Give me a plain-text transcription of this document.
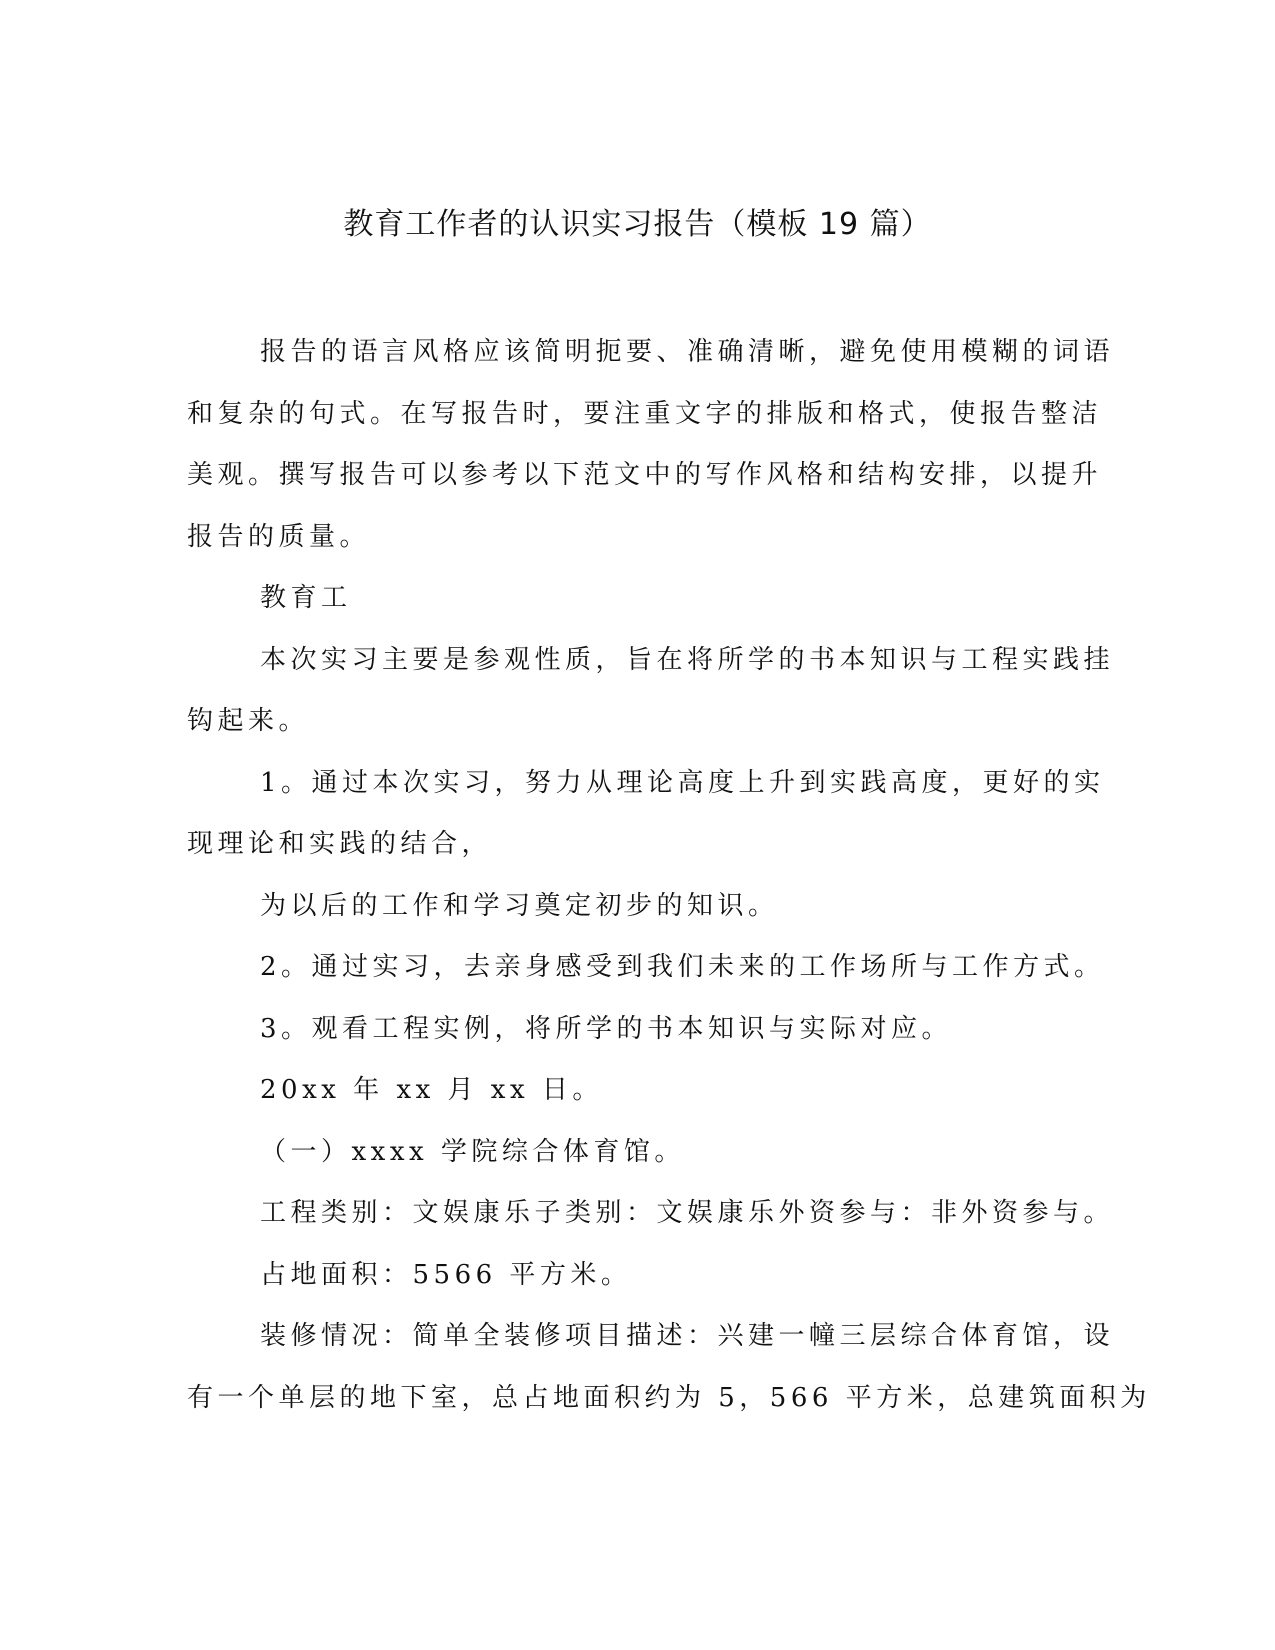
教育工作者的认识实习报告（模板 19 篇）
报告的语言风格应该简明扼要、准确清晰，避免使用模糊的词语
和复杂的句式。在写报告时，要注重文字的排版和格式，使报告整洁
美观。撰写报告可以参考以下范文中的写作风格和结构安排，以提升
报告的质量。
教育工
本次实习主要是参观性质，旨在将所学的书本知识与工程实践挂
钩起来。
1。通过本次实习，努力从理论高度上升到实践高度，更好的实
现理论和实践的结合，
为以后的工作和学习奠定初步的知识。
2。通过实习，去亲身感受到我们未来的工作场所与工作方式。
3。观看工程实例，将所学的书本知识与实际对应。
20xx 年 xx 月 xx 日。
（一）xxxx 学院综合体育馆。
工程类别：文娱康乐子类别：文娱康乐外资参与：非外资参与。
占地面积：5566 平方米。
装修情况：简单全装修项目描述：兴建一幢三层综合体育馆，设
有一个单层的地下室，总占地面积约为 5，566 平方米，总建筑面积为
